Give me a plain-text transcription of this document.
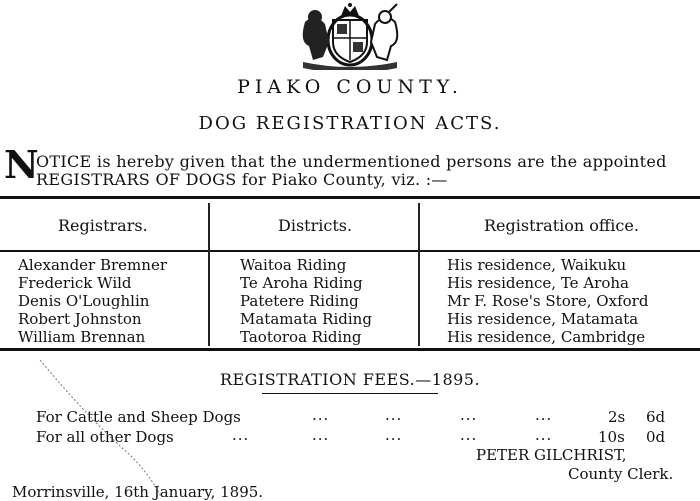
PIAKO COUNTY.
DOG REGISTRATION ACTS.
N
OTICE is hereby given that the undermentioned persons are the appointed
REGISTRARS OF DOGS for Piako County, viz. :—
Registrars.	Districts.	Registration office.
Alexander Bremner	Waitoa Riding	His residence, Waikuku
Frederick Wild	Te Aroha Riding	His residence, Te Aroha
Denis O'Loughlin	Patetere Riding	Mr F. Rose's Store, Oxford
Robert Johnston	Matamata Riding	His residence, Matamata
William Brennan	Taotoroa Riding	His residence, Cambridge
REGISTRATION FEES.—1895.
For Cattle and Sheep Dogs	...	...	...	...	2s 6d
For all other Dogs	...	...	...	...	...	10s 0d
PETER GILCHRIST,
County Clerk.
Morrinsville, 16th January, 1895.
